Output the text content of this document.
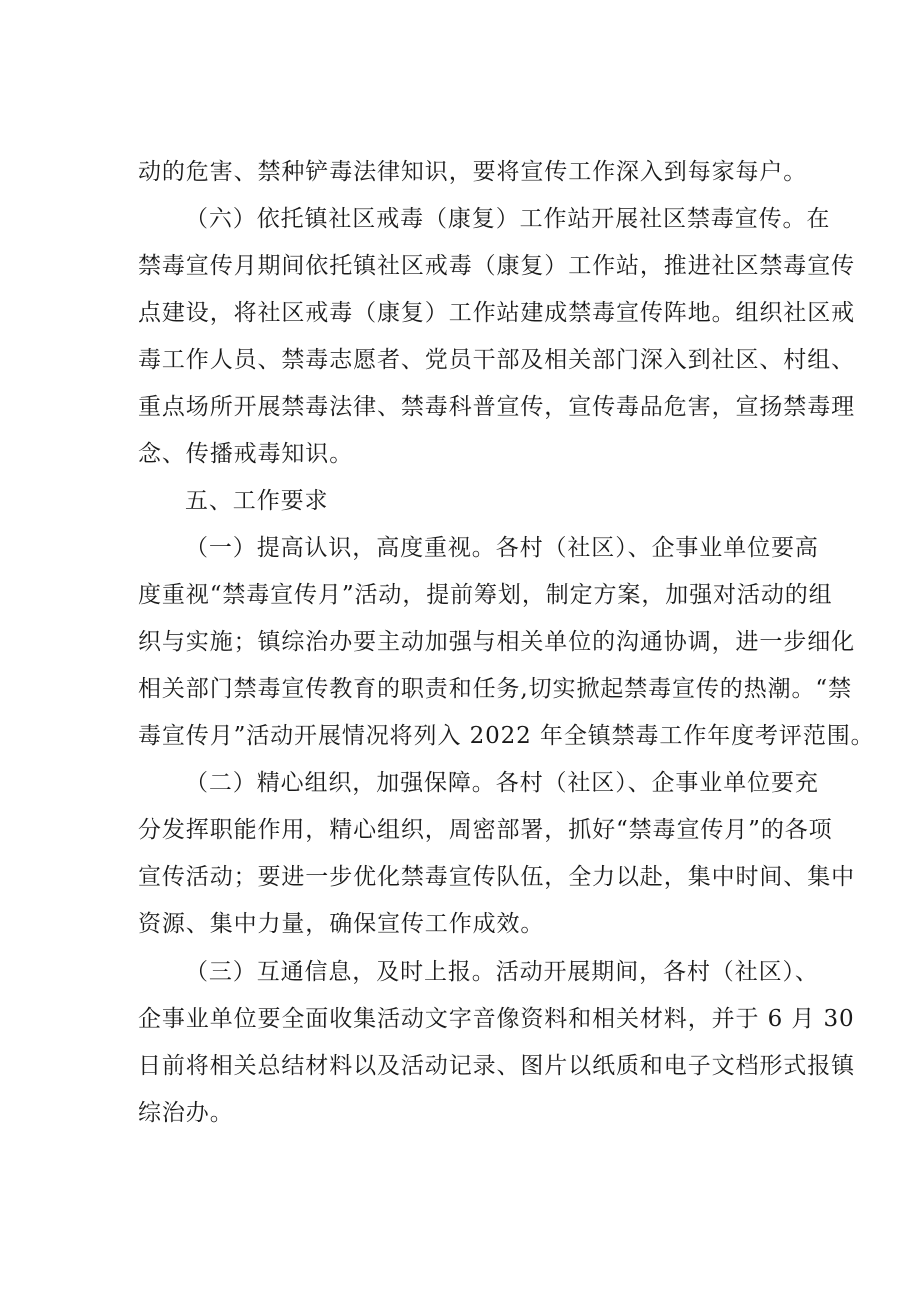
动的危害、禁种铲毒法律知识，要将宣传工作深入到每家每户。
（六）依托镇社区戒毒（康复）工作站开展社区禁毒宣传。在
禁毒宣传月期间依托镇社区戒毒（康复）工作站，推进社区禁毒宣传
点建设，将社区戒毒（康复）工作站建成禁毒宣传阵地。组织社区戒
毒工作人员、禁毒志愿者、党员干部及相关部门深入到社区、村组、
重点场所开展禁毒法律、禁毒科普宣传，宣传毒品危害，宣扬禁毒理
念、传播戒毒知识。
五、工作要求
（一）提高认识，高度重视。各村（社区）、企事业单位要高
度重视“禁毒宣传月”活动，提前筹划，制定方案，加强对活动的组
织与实施；镇综治办要主动加强与相关单位的沟通协调，进一步细化
相关部门禁毒宣传教育的职责和任务,切实掀起禁毒宣传的热潮。“禁
毒宣传月”活动开展情况将列入 2022 年全镇禁毒工作年度考评范围。
（二）精心组织，加强保障。各村（社区）、企事业单位要充
分发挥职能作用，精心组织，周密部署，抓好“禁毒宣传月”的各项
宣传活动；要进一步优化禁毒宣传队伍，全力以赴，集中时间、集中
资源、集中力量，确保宣传工作成效。
（三）互通信息，及时上报。活动开展期间，各村（社区）、
企事业单位要全面收集活动文字音像资料和相关材料，并于 6 月 30
日前将相关总结材料以及活动记录、图片以纸质和电子文档形式报镇
综治办。
